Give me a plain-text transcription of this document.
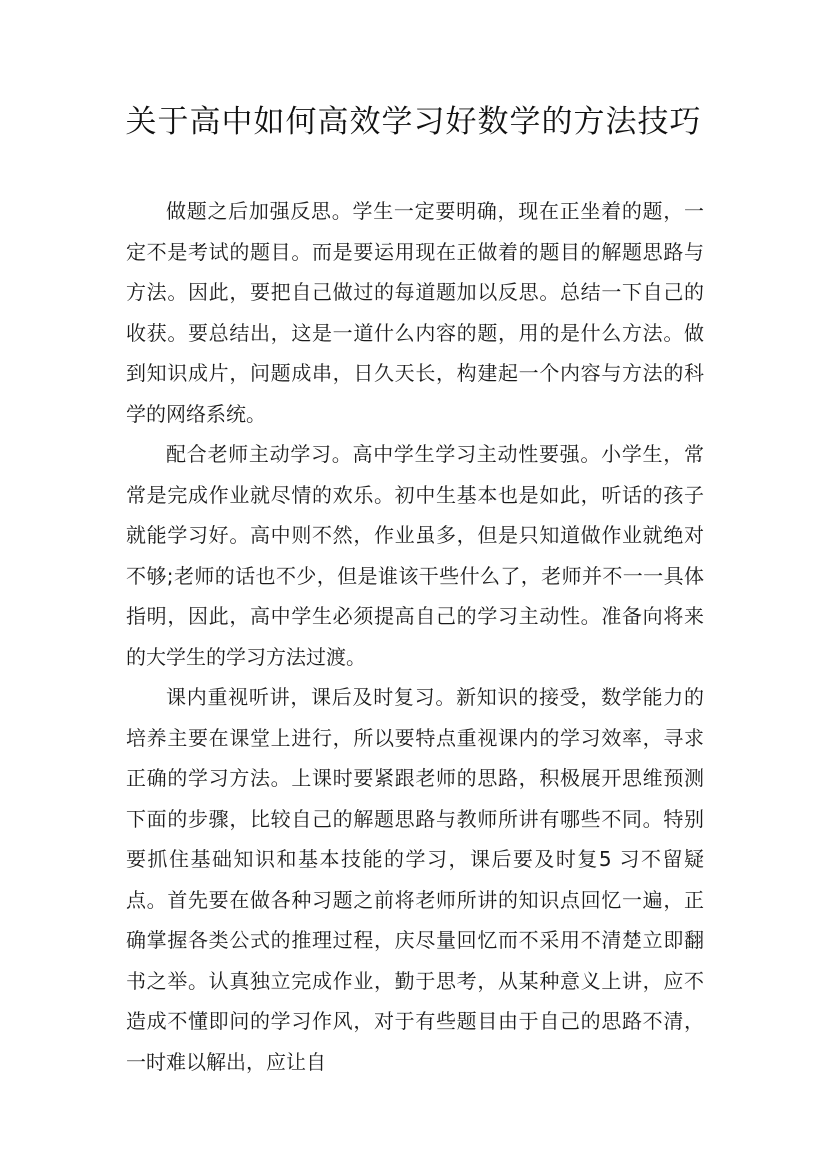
关于高中如何高效学习好数学的方法技巧

做题之后加强反思。学生一定要明确，现在正坐着的题，一定不是考试的题目。而是要运用现在正做着的题目的解题思路与方法。因此，要把自己做过的每道题加以反思。总结一下自己的收获。要总结出，这是一道什么内容的题，用的是什么方法。做到知识成片，问题成串，日久天长，构建起一个内容与方法的科学的网络系统。

配合老师主动学习。高中学生学习主动性要强。小学生，常常是完成作业就尽情的欢乐。初中生基本也是如此，听话的孩子就能学习好。高中则不然，作业虽多，但是只知道做作业就绝对不够;老师的话也不少，但是谁该干些什么了，老师并不一一具体指明，因此，高中学生必须提高自己的学习主动性。准备向将来的大学生的学习方法过渡。

课内重视听讲，课后及时复习。新知识的接受，数学能力的培养主要在课堂上进行，所以要特点重视课内的学习效率，寻求正确的学习方法。上课时要紧跟老师的思路，积极展开思维预测下面的步骤，比较自己的解题思路与教师所讲有哪些不同。特别要抓住基础知识和基本技能的学习，课后要及时复5 习不留疑点。首先要在做各种习题之前将老师所讲的知识点回忆一遍，正确掌握各类公式的推理过程，庆尽量回忆而不采用不清楚立即翻书之举。认真独立完成作业，勤于思考，从某种意义上讲，应不造成不懂即问的学习作风，对于有些题目由于自己的思路不清，一时难以解出，应让自
